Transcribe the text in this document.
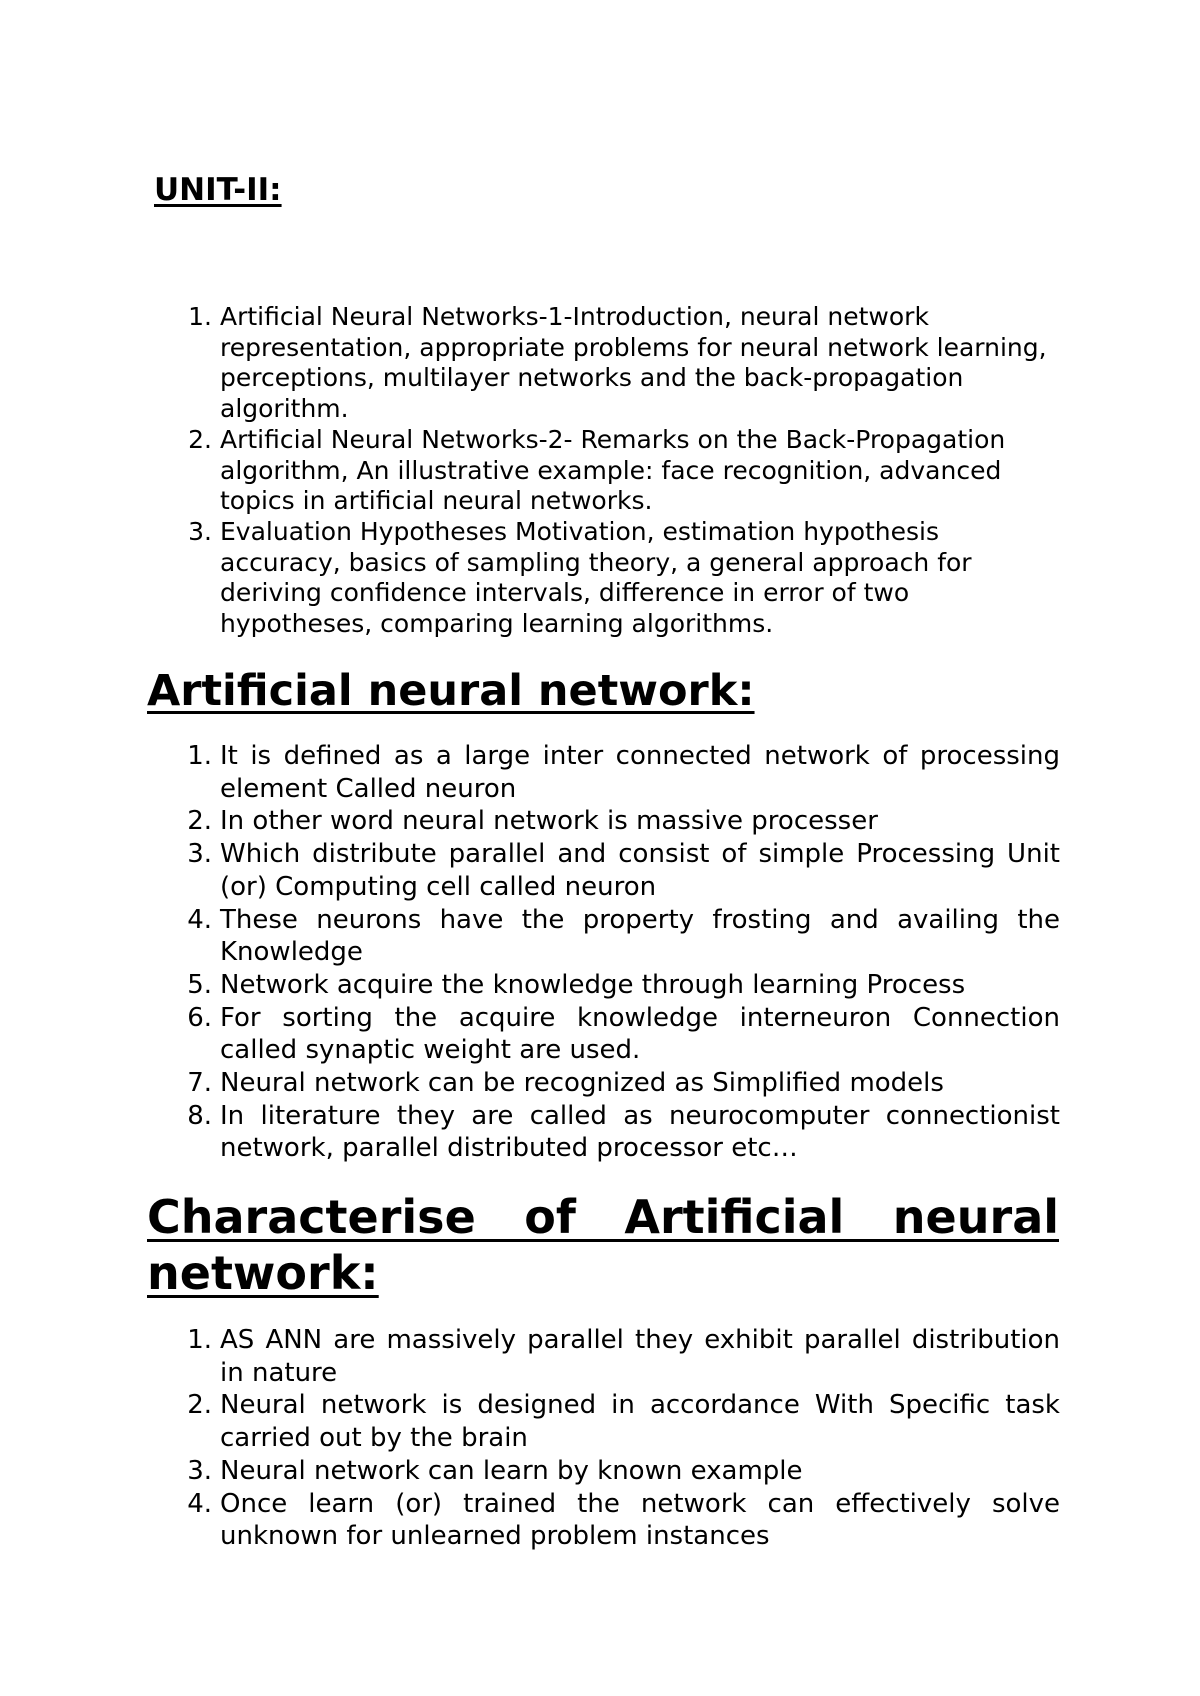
UNIT-II:
1. Artificial Neural Networks-1-Introduction, neural network representation, appropriate problems for neural network learning, perceptions, multilayer networks and the back-propagation algorithm.
2. Artificial Neural Networks-2- Remarks on the Back-Propagation algorithm, An illustrative example: face recognition, advanced topics in artificial neural networks.
3. Evaluation Hypotheses Motivation, estimation hypothesis accuracy, basics of sampling theory, a general approach for deriving confidence intervals, difference in error of two hypotheses, comparing learning algorithms.
Artificial neural network:
1. It is defined as a large inter connected network of processing element Called neuron
2. In other word neural network is massive processer
3. Which distribute parallel and consist of simple Processing Unit (or) Computing cell called neuron
4. These neurons have the property frosting and availing the Knowledge
5. Network acquire the knowledge through learning Process
6. For sorting the acquire knowledge interneuron Connection called synaptic weight are used.
7. Neural network can be recognized as Simplified models
8. In literature they are called as neurocomputer connectionist network, parallel distributed processor etc…
Characterise of Artificial neural network:
1. AS ANN are massively parallel they exhibit parallel distribution in nature
2. Neural network is designed in accordance With Specific task carried out by the brain
3. Neural network can learn by known example
4. Once learn (or) trained the network can effectively solve unknown for unlearned problem instances
